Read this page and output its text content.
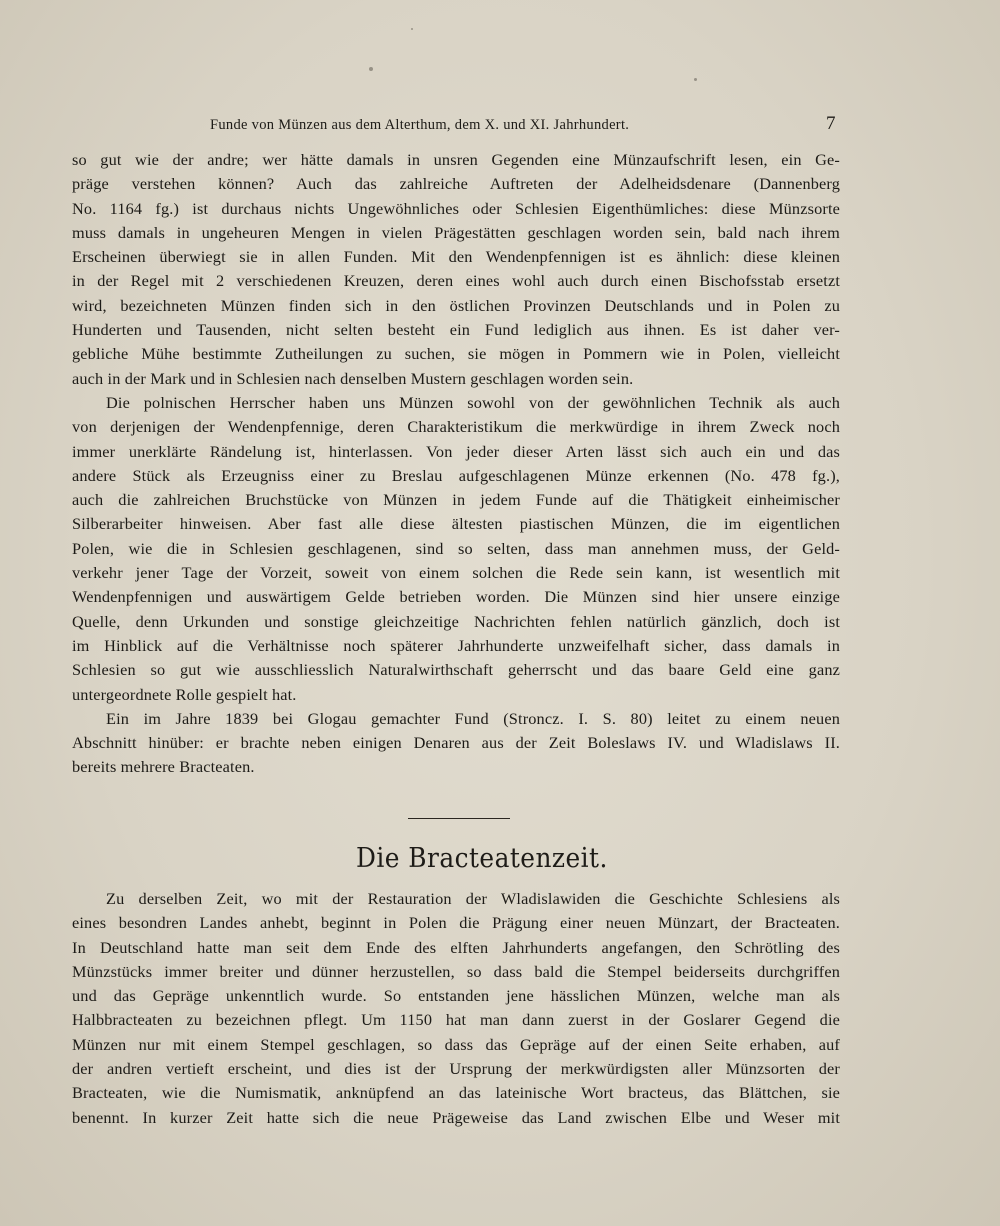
Funde von Münzen aus dem Alterthum, dem X. und XI. Jahrhundert.	7
so gut wie der andre; wer hätte damals in unsren Gegenden eine Münzaufschrift lesen, ein Ge-
präge verstehen können? Auch das zahlreiche Auftreten der Adelheidsdenare (Dannenberg
No. 1164 fg.) ist durchaus nichts Ungewöhnliches oder Schlesien Eigenthümliches: diese Münzsorte
muss damals in ungeheuren Mengen in vielen Prägestätten geschlagen worden sein, bald nach ihrem
Erscheinen überwiegt sie in allen Funden. Mit den Wendenpfennigen ist es ähnlich: diese kleinen
in der Regel mit 2 verschiedenen Kreuzen, deren eines wohl auch durch einen Bischofsstab ersetzt
wird, bezeichneten Münzen finden sich in den östlichen Provinzen Deutschlands und in Polen zu
Hunderten und Tausenden, nicht selten besteht ein Fund lediglich aus ihnen. Es ist daher ver-
gebliche Mühe bestimmte Zutheilungen zu suchen, sie mögen in Pommern wie in Polen, vielleicht
auch in der Mark und in Schlesien nach denselben Mustern geschlagen worden sein.
Die polnischen Herrscher haben uns Münzen sowohl von der gewöhnlichen Technik als auch
von derjenigen der Wendenpfennige, deren Charakteristikum die merkwürdige in ihrem Zweck noch
immer unerklärte Rändelung ist, hinterlassen. Von jeder dieser Arten lässt sich auch ein und das
andere Stück als Erzeugniss einer zu Breslau aufgeschlagenen Münze erkennen (No. 478 fg.),
auch die zahlreichen Bruchstücke von Münzen in jedem Funde auf die Thätigkeit einheimischer
Silberarbeiter hinweisen. Aber fast alle diese ältesten piastischen Münzen, die im eigentlichen
Polen, wie die in Schlesien geschlagenen, sind so selten, dass man annehmen muss, der Geld-
verkehr jener Tage der Vorzeit, soweit von einem solchen die Rede sein kann, ist wesentlich mit
Wendenpfennigen und auswärtigem Gelde betrieben worden. Die Münzen sind hier unsere einzige
Quelle, denn Urkunden und sonstige gleichzeitige Nachrichten fehlen natürlich gänzlich, doch ist
im Hinblick auf die Verhältnisse noch späterer Jahrhunderte unzweifelhaft sicher, dass damals in
Schlesien so gut wie ausschliesslich Naturalwirthschaft geherrscht und das baare Geld eine ganz
untergeordnete Rolle gespielt hat.
Ein im Jahre 1839 bei Glogau gemachter Fund (Stroncz. I. S. 80) leitet zu einem neuen
Abschnitt hinüber: er brachte neben einigen Denaren aus der Zeit Boleslaws IV. und Wladislaws II.
bereits mehrere Bracteaten.
Die Bracteatenzeit.
Zu derselben Zeit, wo mit der Restauration der Wladislawiden die Geschichte Schlesiens als
eines besondren Landes anhebt, beginnt in Polen die Prägung einer neuen Münzart, der Bracteaten.
In Deutschland hatte man seit dem Ende des elften Jahrhunderts angefangen, den Schrötling des
Münzstücks immer breiter und dünner herzustellen, so dass bald die Stempel beiderseits durchgriffen
und das Gepräge unkenntlich wurde. So entstanden jene hässlichen Münzen, welche man als
Halbbracteaten zu bezeichnen pflegt. Um 1150 hat man dann zuerst in der Goslarer Gegend die
Münzen nur mit einem Stempel geschlagen, so dass das Gepräge auf der einen Seite erhaben, auf
der andren vertieft erscheint, und dies ist der Ursprung der merkwürdigsten aller Münzsorten der
Bracteaten, wie die Numismatik, anknüpfend an das lateinische Wort bracteus, das Blättchen, sie
benennt. In kurzer Zeit hatte sich die neue Prägeweise das Land zwischen Elbe und Weser mit
